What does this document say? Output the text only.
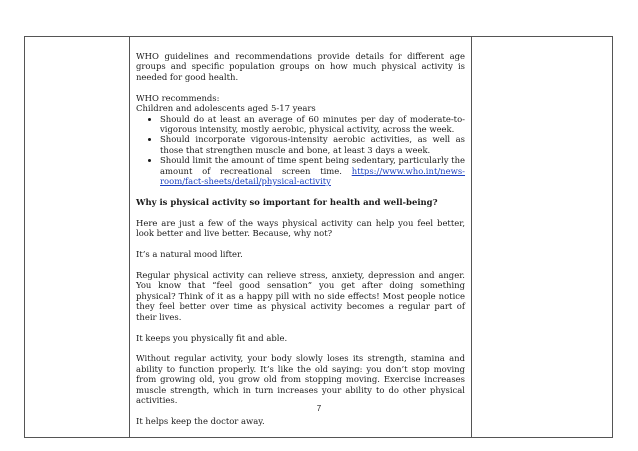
WHO guidelines and recommendations provide details for different age groups and specific population groups on how much physical activity is needed for good health.

WHO recommends:

Children and adolescents aged 5-17 years

• Should do at least an average of 60 minutes per day of moderate-to-vigorous intensity, mostly aerobic, physical activity, across the week.
• Should incorporate vigorous-intensity aerobic activities, as well as those that strengthen muscle and bone, at least 3 days a week.
• Should limit the amount of time spent being sedentary, particularly the amount of recreational screen time. https://www.who.int/news-room/fact-sheets/detail/physical-activity

Why is physical activity so important for health and well-being?

Here are just a few of the ways physical activity can help you feel better, look better and live better. Because, why not?

It’s a natural mood lifter.

Regular physical activity can relieve stress, anxiety, depression and anger. You know that “feel good sensation” you get after doing something physical? Think of it as a happy pill with no side effects! Most people notice they feel better over time as physical activity becomes a regular part of their lives.

It keeps you physically fit and able.

Without regular activity, your body slowly loses its strength, stamina and ability to function properly. It’s like the old saying: you don’t stop moving from growing old, you grow old from stopping moving. Exercise increases muscle strength, which in turn increases your ability to do other physical activities.

It helps keep the doctor away.

7
